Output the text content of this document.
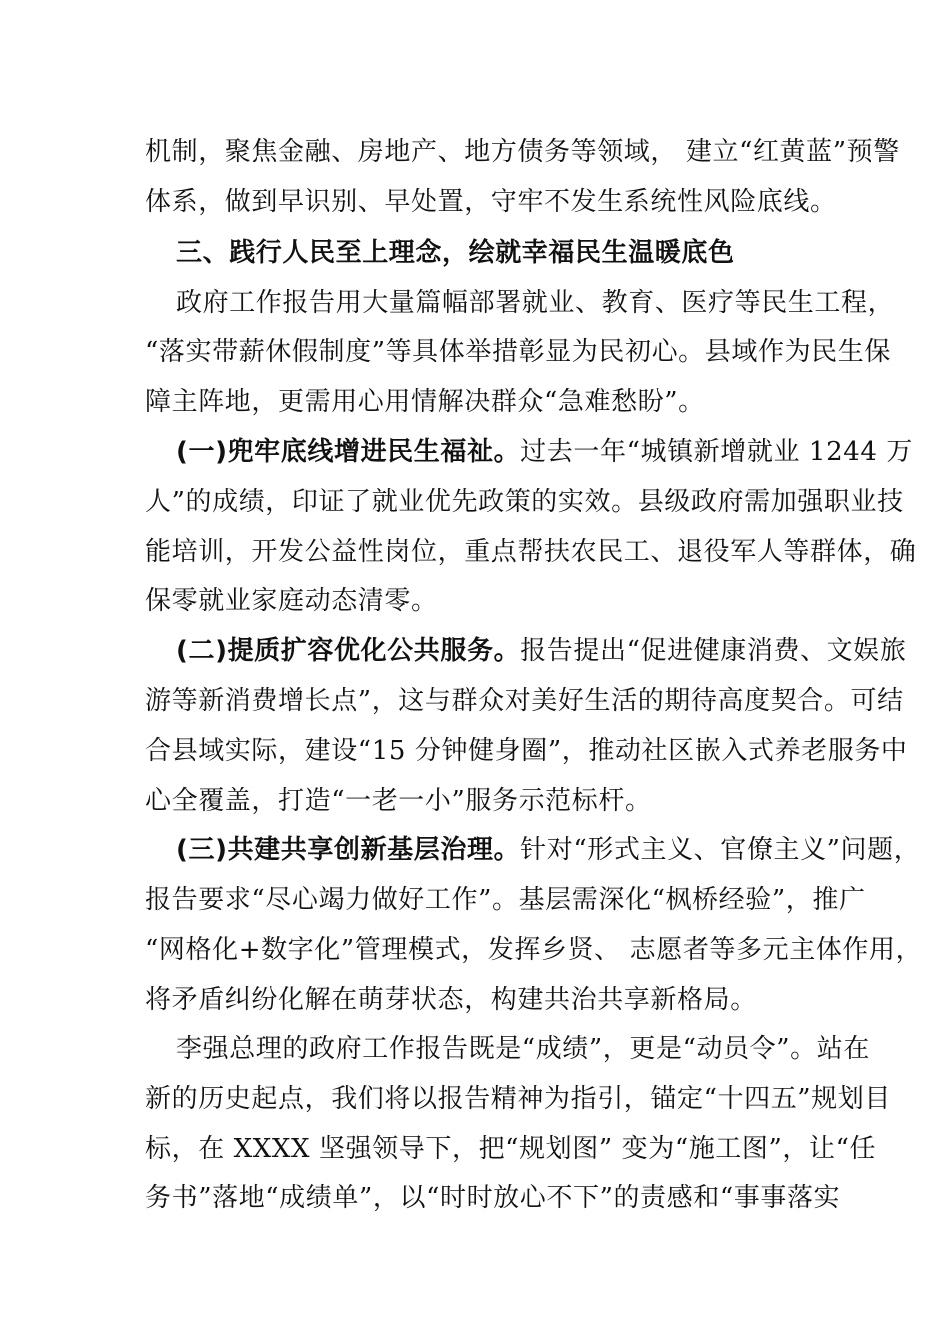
机制，聚焦金融、房地产、地方债务等领域， 建立“红黄蓝”预警
体系，做到早识别、早处置，守牢不发生系统性风险底线。
三、践行人民至上理念，绘就幸福民生温暖底色
政府工作报告用大量篇幅部署就业、教育、医疗等民生工程，
“落实带薪休假制度”等具体举措彰显为民初心。县域作为民生保
障主阵地，更需用心用情解决群众“急难愁盼”。
(一)兜牢底线增进民生福祉。过去一年“城镇新增就业 1244 万
人”的成绩，印证了就业优先政策的实效。县级政府需加强职业技
能培训，开发公益性岗位，重点帮扶农民工、退役军人等群体，确
保零就业家庭动态清零。
(二)提质扩容优化公共服务。报告提出“促进健康消费、文娱旅
游等新消费增长点”，这与群众对美好生活的期待高度契合。可结
合县域实际，建设“15 分钟健身圈”，推动社区嵌入式养老服务中
心全覆盖，打造“一老一小”服务示范标杆。
(三)共建共享创新基层治理。针对“形式主义、官僚主义”问题，
报告要求“尽心竭力做好工作”。基层需深化“枫桥经验”，推广
“网格化+数字化”管理模式，发挥乡贤、 志愿者等多元主体作用，
将矛盾纠纷化解在萌芽状态，构建共治共享新格局。
李强总理的政府工作报告既是“成绩”，更是“动员令”。站在
新的历史起点，我们将以报告精神为指引，锚定“十四五”规划目
标，在 XXXX 坚强领导下，把“规划图” 变为“施工图”，让“任
务书”落地“成绩单”，以“时时放心不下”的责感和“事事落实
